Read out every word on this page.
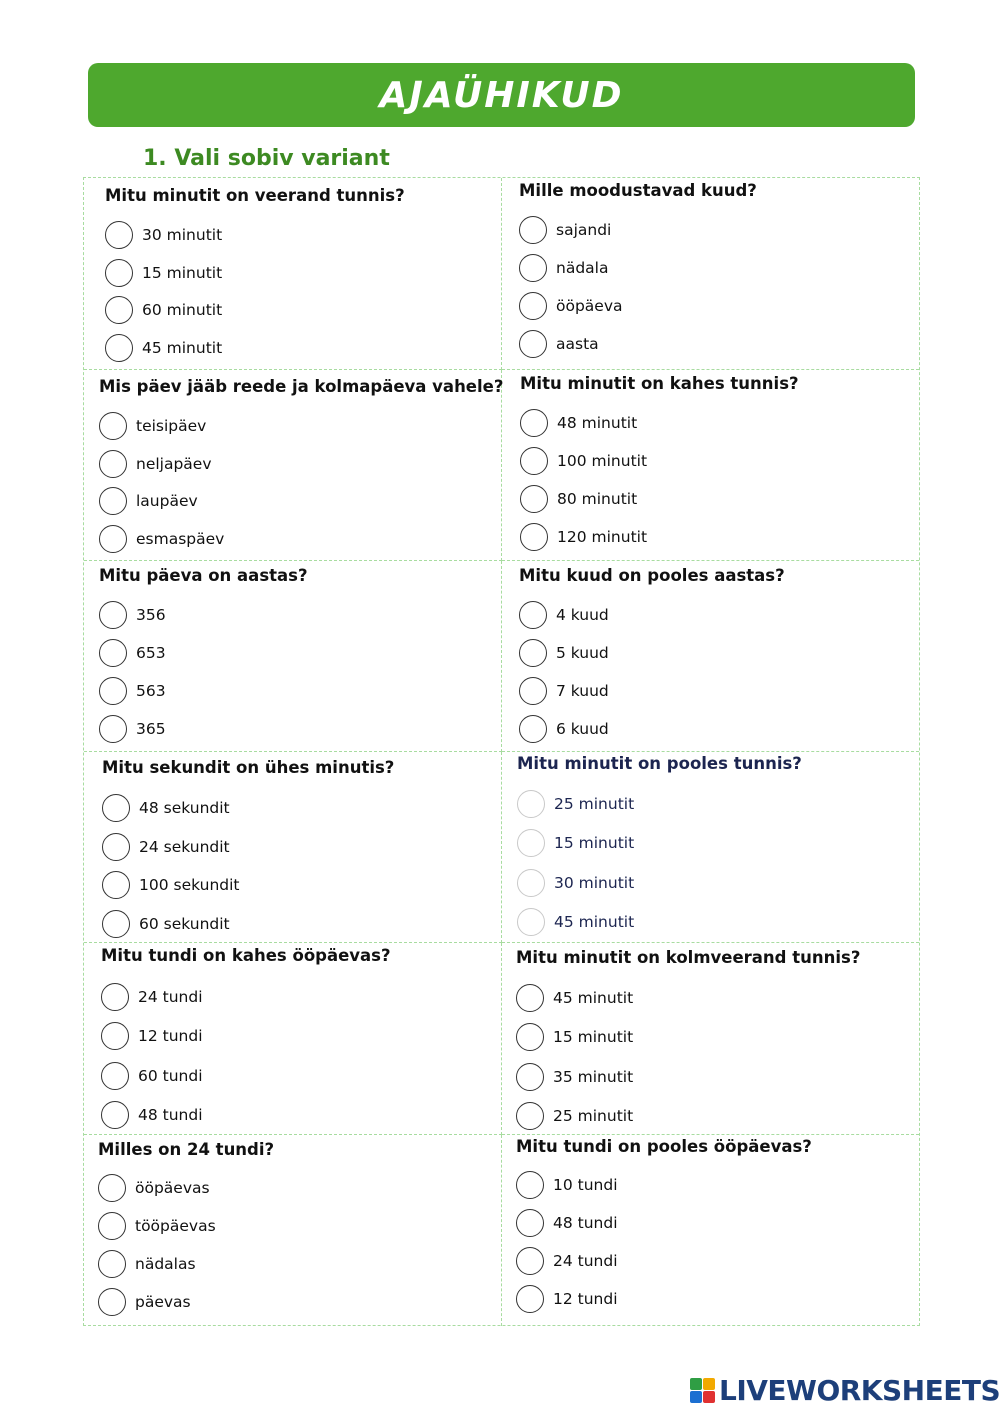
AJAÜHIKUD
1. Vali sobiv variant
Mitu minutit on veerand tunnis?
30 minutit
15 minutit
60 minutit
45 minutit
Mille moodustavad kuud?
sajandi
nädala
ööpäeva
aasta
Mis päev jääb reede ja kolmapäeva vahele?
teisipäev
neljapäev
laupäev
esmaspäev
Mitu minutit on kahes tunnis?
48 minutit
100 minutit
80 minutit
120 minutit
Mitu päeva on aastas?
356
653
563
365
Mitu kuud on pooles aastas?
4 kuud
5 kuud
7 kuud
6 kuud
Mitu sekundit on ühes minutis?
48 sekundit
24 sekundit
100 sekundit
60 sekundit
Mitu minutit on pooles tunnis?
25 minutit
15 minutit
30 minutit
45 minutit
Mitu tundi on kahes ööpäevas?
24 tundi
12 tundi
60 tundi
48 tundi
Mitu minutit on kolmveerand tunnis?
45 minutit
15 minutit
35 minutit
25 minutit
Milles on 24 tundi?
ööpäevas
tööpäevas
nädalas
päevas
Mitu tundi on pooles ööpäevas?
10 tundi
48 tundi
24 tundi
12 tundi
LIVEWORKSHEETS
